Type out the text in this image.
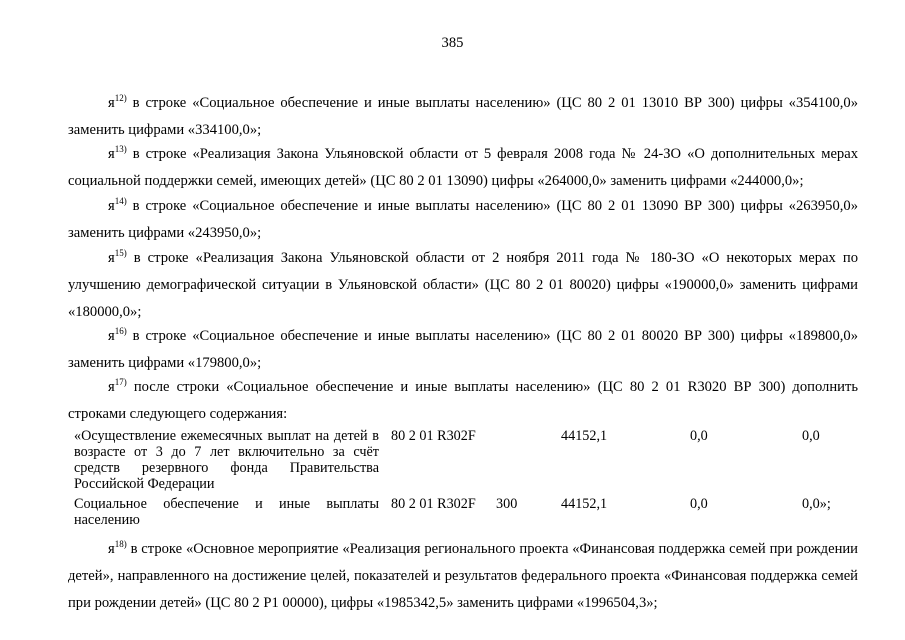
385
$я^{12)}$ в строке «Социальное обеспечение и иные выплаты населению» (ЦС 80 2 01 13010 ВР 300) цифры «354100,0» заменить цифрами «334100,0»;
$я^{13)}$ в строке «Реализация Закона Ульяновской области от 5 февраля 2008 года № 24-ЗО «О дополнительных мерах социальной поддержки семей, имеющих детей» (ЦС 80 2 01 13090) цифры «264000,0» заменить цифрами «244000,0»;
$я^{14)}$ в строке «Социальное обеспечение и иные выплаты населению» (ЦС 80 2 01 13090 ВР 300) цифры «263950,0» заменить цифрами «243950,0»;
$я^{15)}$ в строке «Реализация Закона Ульяновской области от 2 ноября 2011 года № 180-ЗО «О некоторых мерах по улучшению демографической ситуации в Ульяновской области» (ЦС 80 2 01 80020) цифры «190000,0» заменить цифрами «180000,0»;
$я^{16)}$ в строке «Социальное обеспечение и иные выплаты населению» (ЦС 80 2 01 80020 ВР 300) цифры «189800,0» заменить цифрами «179800,0»;
$я^{17)}$ после строки «Социальное обеспечение и иные выплаты населению» (ЦС 80 2 01 R3020 ВР 300) дополнить строками следующего содержания:
«Осуществление ежемесячных выплат на детей в возрасте от 3 до 7 лет включительно за счёт средств резервного фонда Правительства Российской Федерации
80 2 01 R302F	44152,1	0,0	0,0
Социальное обеспечение и иные выплаты населению
80 2 01 R302F 300	44152,1	0,0	0,0»;
$я^{18)}$ в строке «Основное мероприятие «Реализация регионального проекта «Финансовая поддержка семей при рождении детей», направленного на достижение целей, показателей и результатов федерального проекта «Финансовая поддержка семей при рождении детей» (ЦС 80 2 Р1 00000), цифры «1985342,5» заменить цифрами «1996504,3»;
